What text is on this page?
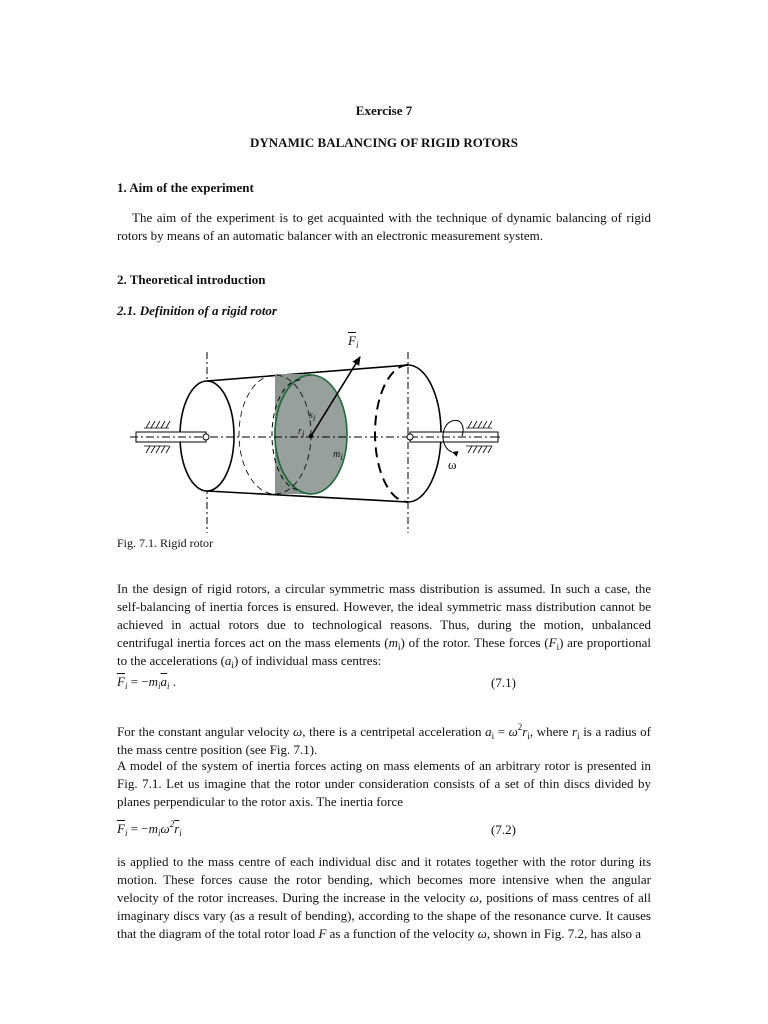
Exercise 7
DYNAMIC BALANCING OF RIGID ROTORS
1. Aim of the experiment
The aim of the experiment is to get acquainted with the technique of dynamic balancing of rigid rotors by means of an automatic balancer with an electronic measurement system.
2. Theoretical introduction
2.1. Definition of a rigid rotor
$\overline{F}_i$
$s_i$
$r_i$
$m_i$	ω
Fig. 7.1. Rigid rotor
In the design of rigid rotors, a circular symmetric mass distribution is assumed. In such a case, the self-balancing of inertia forces is ensured. However, the ideal symmetric mass distribution cannot be achieved in actual rotors due to technological reasons. Thus, during the motion, unbalanced centrifugal inertia forces act on the mass elements $(m_i)$ of the rotor. These forces $(F_i)$ are proportional to the accelerations $(a_i)$ of individual mass centres:
$\overline{F}_i = -m_i\overline{a}_i$ .	(7.1)
For the constant angular velocity ω, there is a centripetal acceleration $a_i = \omega^2r_i$, where $r_i$ is a radius of the mass centre position (see Fig. 7.1).
A model of the system of inertia forces acting on mass elements of an arbitrary rotor is presented in Fig. 7.1. Let us imagine that the rotor under consideration consists of a set of thin discs divided by planes perpendicular to the rotor axis. The inertia force
$\overline{F}_i = -m_i\omega^2\overline{r}_i$	(7.2)
is applied to the mass centre of each individual disc and it rotates together with the rotor during its motion. These forces cause the rotor bending, which becomes more intensive when the angular velocity of the rotor increases. During the increase in the velocity ω, positions of mass centres of all imaginary discs vary (as a result of bending), according to the shape of the resonance curve. It causes that the diagram of the total rotor load F as a function of the velocity ω, shown in Fig. 7.2, has also a
